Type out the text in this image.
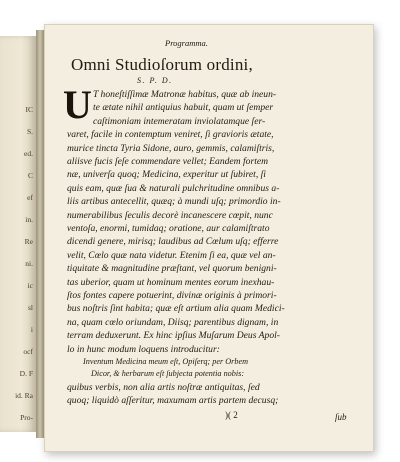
IC
S.
ed.
C
ef
in.
Re
ni.
ic
sl
i
ocf
D. F
id. Ra
Pro-
Programma.
Omni Studioſorum ordini,
S. P. D.
U T honeſtiſſimæ Matronæ habitus, quæ ab ineun-
te ætate nihil antiquius habuit, quam ut ſemper
caſtimoniam intemeratam inviolatamque ſer-
varet, facile in contemptum veniret, ſi gravioris ætate,
murice tincta Tyria Sidone, auro, gemmis, calamiſtris,
aliisve fucis ſeſe commendare vellet; Eandem fortem
næ, univerſa quoq; Medicina, experitur ut ſubiret, ſi
quis eam, quæ ſua & naturali pulchritudine omnibus a-
liis artibus antecellit, quæq; à mundi uſq; primordio in-
numerabilibus ſeculis decorè incanescere cœpit, nunc
ventoſa, enormi, tumidaq; oratione, aur calamiſtrato
dicendi genere, mirisq; laudibus ad Cœlum uſq; efferre
velit, Cœlo quæ nata videtur. Etenim ſi ea, quæ vel an-
tiquitate & magnitudine præſtant, vel quorum benigni-
tas uberior, quam ut hominum mentes eorum inexhau-
ſtos fontes capere potuerint, divinæ originis à primori-
bus noſtris ſint habita; quæ eſt artium alia quam Medici-
na, quam cœlo oriundam, Diisq; parentibus dignam, in
terram deduxerunt. Ex hinc ipſius Muſarum Deus Apol-
lo in hunc modum loquens introducitur:
Inventum Medicina meum eſt, Opiſerq; per Orbem
Dicor, & herbarum eſt ſubjecta potentia nobis:
quibus verbis, non alia artis noſtræ antiquitas, ſed
quoq; liquidò aſſeritur, maxumam artis partem decusq;
)( 2	ſub
